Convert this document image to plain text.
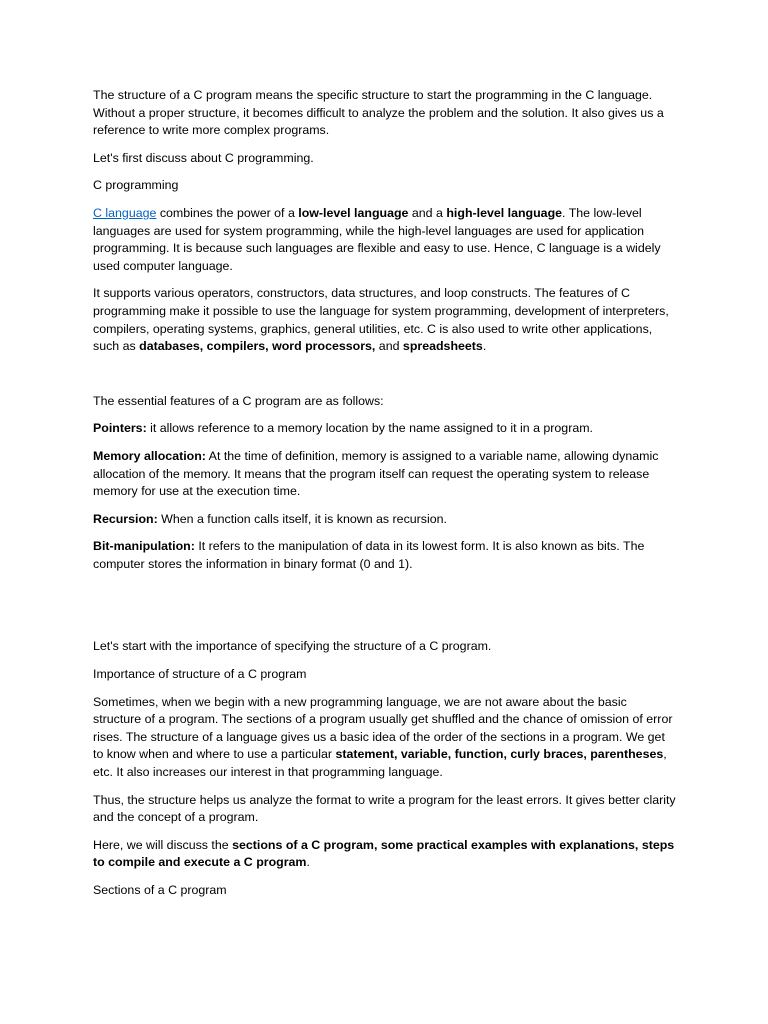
The structure of a C program means the specific structure to start the programming in the C language. Without a proper structure, it becomes difficult to analyze the problem and the solution. It also gives us a reference to write more complex programs.

Let's first discuss about C programming.

C programming

C language combines the power of a low-level language and a high-level language. The low-level languages are used for system programming, while the high-level languages are used for application programming. It is because such languages are flexible and easy to use. Hence, C language is a widely used computer language.

It supports various operators, constructors, data structures, and loop constructs. The features of C programming make it possible to use the language for system programming, development of interpreters, compilers, operating systems, graphics, general utilities, etc. C is also used to write other applications, such as databases, compilers, word processors, and spreadsheets.

The essential features of a C program are as follows:

Pointers: it allows reference to a memory location by the name assigned to it in a program.

Memory allocation: At the time of definition, memory is assigned to a variable name, allowing dynamic allocation of the memory. It means that the program itself can request the operating system to release memory for use at the execution time.

Recursion: When a function calls itself, it is known as recursion.

Bit-manipulation: It refers to the manipulation of data in its lowest form. It is also known as bits. The computer stores the information in binary format (0 and 1).

Let's start with the importance of specifying the structure of a C program.

Importance of structure of a C program

Sometimes, when we begin with a new programming language, we are not aware about the basic structure of a program. The sections of a program usually get shuffled and the chance of omission of error rises. The structure of a language gives us a basic idea of the order of the sections in a program. We get to know when and where to use a particular statement, variable, function, curly braces, parentheses, etc. It also increases our interest in that programming language.

Thus, the structure helps us analyze the format to write a program for the least errors. It gives better clarity and the concept of a program.

Here, we will discuss the sections of a C program, some practical examples with explanations, steps to compile and execute a C program.

Sections of a C program
